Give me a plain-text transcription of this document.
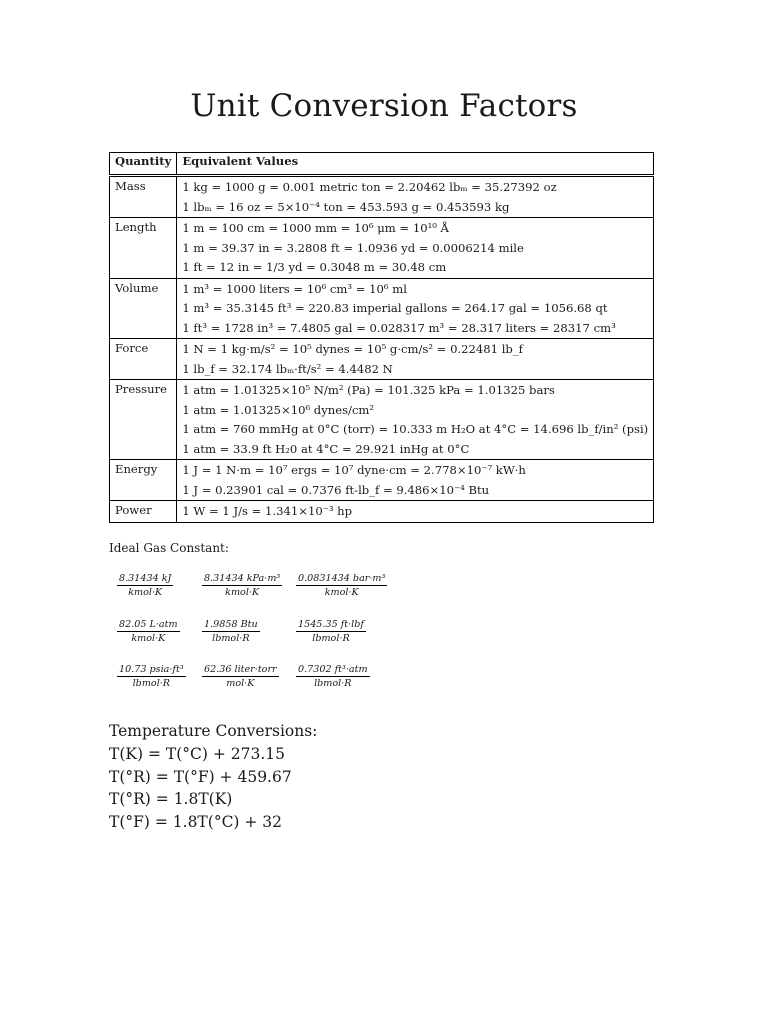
Unit Conversion Factors
Quantity	Equivalent Values
Mass	1 kg = 1000 g = 0.001 metric ton = 2.20462 lbₘ = 35.27392 oz
1 lbₘ = 16 oz = 5×10⁻⁴ ton = 453.593 g = 0.453593 kg

Length	1 m = 100 cm = 1000 mm = 10⁶ μm = 10¹⁰ Å
1 m = 39.37 in = 3.2808 ft = 1.0936 yd = 0.0006214 mile
1 ft = 12 in = 1/3 yd = 0.3048 m = 30.48 cm

Volume	1 m³ = 1000 liters = 10⁶ cm³ = 10⁶ ml
1 m³ = 35.3145 ft³ = 220.83 imperial gallons = 264.17 gal = 1056.68 qt
1 ft³ = 1728 in³ = 7.4805 gal = 0.028317 m³ = 28.317 liters = 28317 cm³

Force	1 N = 1 kg·m/s² = 10⁵ dynes = 10⁵ g·cm/s² = 0.22481 lb_f
1 lb_f = 32.174 lbₘ·ft/s² = 4.4482 N

Pressure	1 atm = 1.01325×10⁵ N/m² (Pa) = 101.325 kPa = 1.01325 bars
1 atm = 1.01325×10⁶ dynes/cm²
1 atm = 760 mmHg at 0°C (torr) = 10.333 m H₂O at 4°C = 14.696 lb_f/in² (psi)
1 atm = 33.9 ft H₂0 at 4°C = 29.921 inHg at 0°C

Energy	1 J = 1 N·m = 10⁷ ergs = 10⁷ dyne·cm = 2.778×10⁻⁷ kW·h
1 J = 0.23901 cal = 0.7376 ft-lb_f = 9.486×10⁻⁴ Btu

Power	1 W = 1 J/s = 1.341×10⁻³ hp
Ideal Gas Constant:
8.31434 kJ
kmol·K
8.31434 kPa·m³
kmol·K
0.0831434 bar·m³
kmol·K
82.05 L·atm
kmol·K
1.9858 Btu
lbmol·R
1545.35 ft·lbf
lbmol·R
10.73 psia·ft³
lbmol·R
62.36 liter·torr
mol·K
0.7302 ft³·atm
lbmol·R
Temperature Conversions:
T(K) = T(°C) + 273.15
T(°R) = T(°F) + 459.67
T(°R) = 1.8T(K)
T(°F) = 1.8T(°C) + 32
